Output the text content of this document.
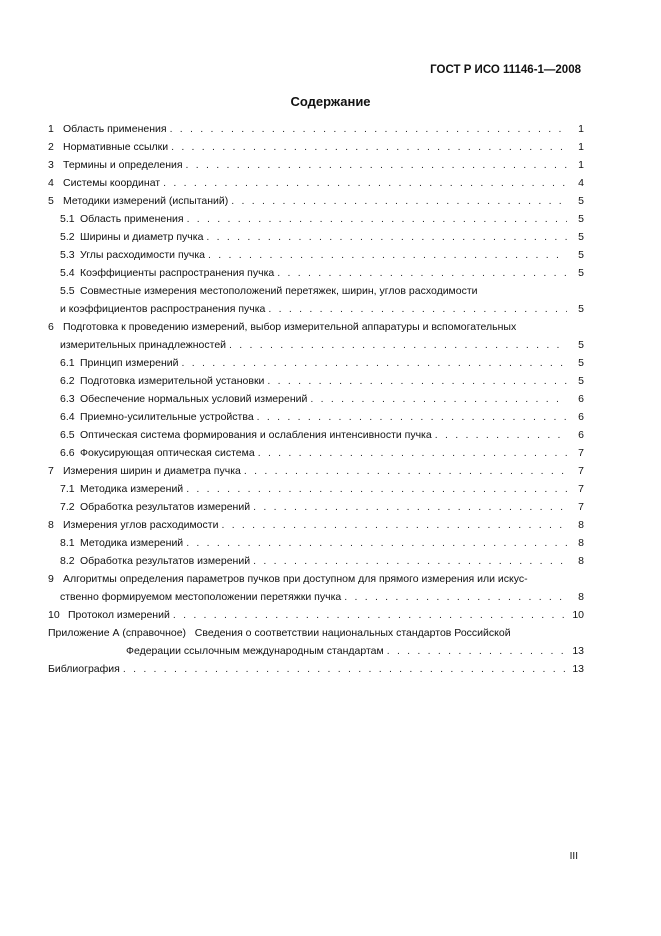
ГОСТ Р ИСО 11146-1—2008
Содержание
1 Область применения . . .	1
2 Нормативные ссылки . . .	1
3 Термины и определения . . .	1
4 Системы координат . . .	4
5 Методики измерений (испытаний) . . .	5
5.1 Область применения . . .	5
5.2 Ширины и диаметр пучка . . .	5
5.3 Углы расходимости пучка . . .	5
5.4 Коэффициенты распространения пучка . . .	5
5.5 Совместные измерения местоположений перетяжек, ширин, углов расходимости
и коэффициентов распространения пучка . . .	5
6 Подготовка к проведению измерений, выбор измерительной аппаратуры и вспомогательных
измерительных принадлежностей . . .	5
6.1 Принцип измерений . . .	5
6.2 Подготовка измерительной установки . . .	5
6.3 Обеспечение нормальных условий измерений . . .	6
6.4 Приемно-усилительные устройства . . .	6
6.5 Оптическая система формирования и ослабления интенсивности пучка . . .	6
6.6 Фокусирующая оптическая система . . .	7
7 Измерения ширин и диаметра пучка . . .	7
7.1 Методика измерений . . .	7
7.2 Обработка результатов измерений . . .	7
8 Измерения углов расходимости . . .	8
8.1 Методика измерений . . .	8
8.2 Обработка результатов измерений . . .	8
9 Алгоритмы определения параметров пучков при доступном для прямого измерения или искус-
ственно формируемом местоположении перетяжки пучка . . .	8
10 Протокол измерений . . .	10
Приложение А (справочное)   Сведения о соответствии национальных стандартов Российской
Федерации ссылочным международным стандартам . . .	13
Библиография . . .	13
III
